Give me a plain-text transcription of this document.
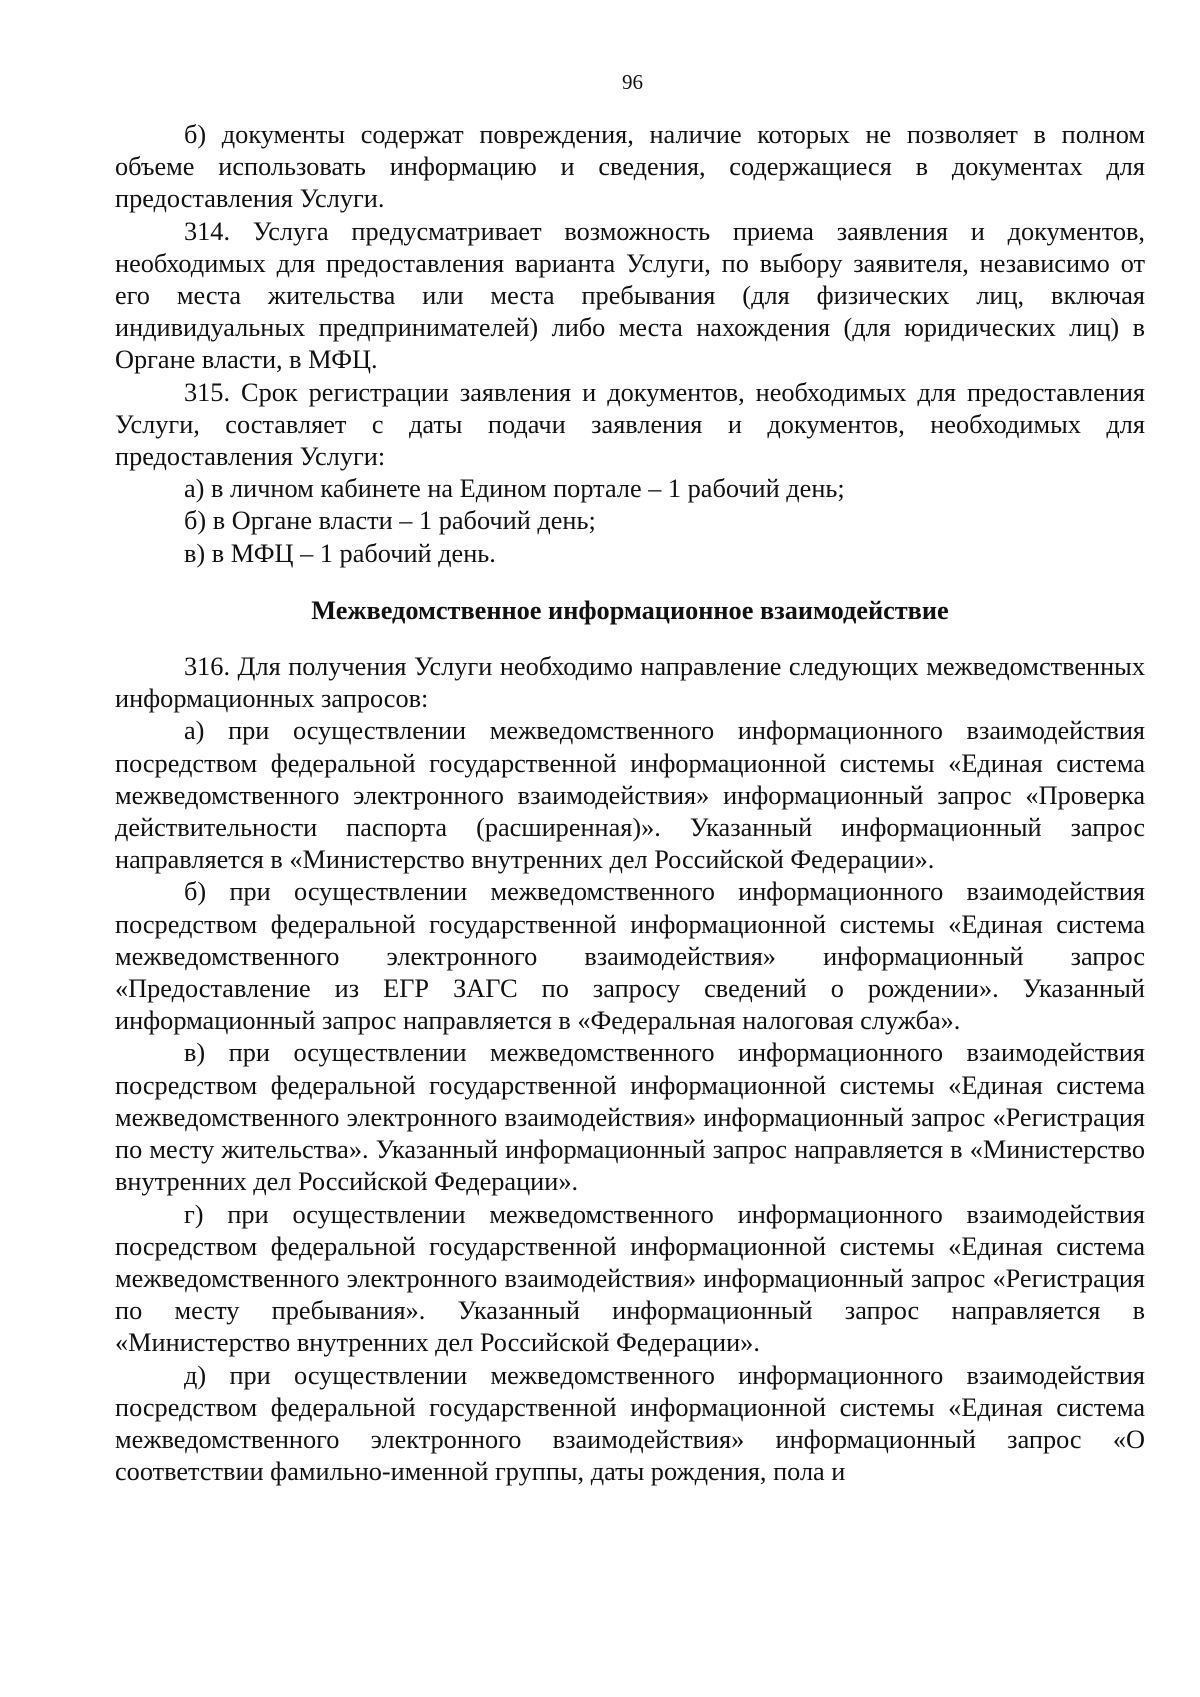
96

б) документы содержат повреждения, наличие которых не позволяет в полном объеме использовать информацию и сведения, содержащиеся в документах для предоставления Услуги.

314. Услуга предусматривает возможность приема заявления и документов, необходимых для предоставления варианта Услуги, по выбору заявителя, независимо от его места жительства или места пребывания (для физических лиц, включая индивидуальных предпринимателей) либо места нахождения (для юридических лиц) в Органе власти, в МФЦ.

315. Срок регистрации заявления и документов, необходимых для предоставления Услуги, составляет с даты подачи заявления и документов, необходимых для предоставления Услуги:

а) в личном кабинете на Едином портале – 1 рабочий день;

б) в Органе власти – 1 рабочий день;

в) в МФЦ – 1 рабочий день.

Межведомственное информационное взаимодействие

316. Для получения Услуги необходимо направление следующих межведомственных информационных запросов:

а) при осуществлении межведомственного информационного взаимодействия посредством федеральной государственной информационной системы «Единая система межведомственного электронного взаимодействия» информационный запрос «Проверка действительности паспорта (расширенная)». Указанный информационный запрос направляется в «Министерство внутренних дел Российской Федерации».

б) при осуществлении межведомственного информационного взаимодействия посредством федеральной государственной информационной системы «Единая система межведомственного электронного взаимодействия» информационный запрос «Предоставление из ЕГР ЗАГС по запросу сведений о рождении». Указанный информационный запрос направляется в «Федеральная налоговая служба».

в) при осуществлении межведомственного информационного взаимодействия посредством федеральной государственной информационной системы «Единая система межведомственного электронного взаимодействия» информационный запрос «Регистрация по месту жительства». Указанный информационный запрос направляется в «Министерство внутренних дел Российской Федерации».

г) при осуществлении межведомственного информационного взаимодействия посредством федеральной государственной информационной системы «Единая система межведомственного электронного взаимодействия» информационный запрос «Регистрация по месту пребывания». Указанный информационный запрос направляется в «Министерство внутренних дел Российской Федерации».

д) при осуществлении межведомственного информационного взаимодействия посредством федеральной государственной информационной системы «Единая система межведомственного электронного взаимодействия» информационный запрос «О соответствии фамильно-именной группы, даты рождения, пола и
